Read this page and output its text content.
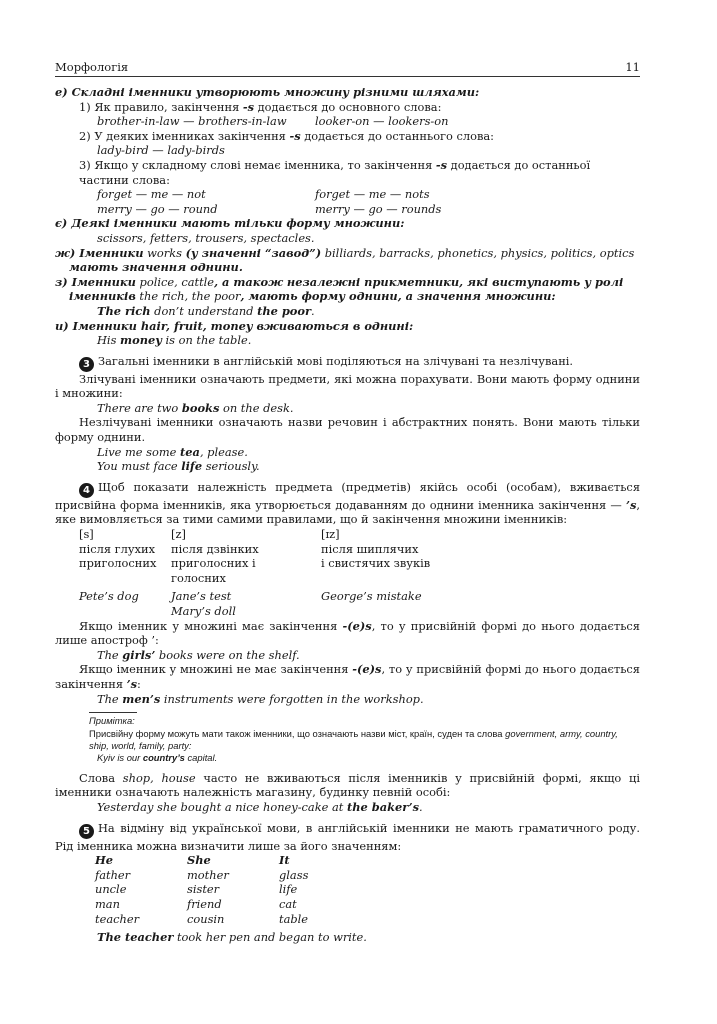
Морфологія	11
е) Складні іменники утворюють множину різними шляхами:
1) Як правило, закінчення -s додається до основного слова:
brother-in-law — brothers-in-law	looker-on — lookers-on
2) У деяких іменниках закінчення -s додається до останнього слова:
lady-bird — lady-birds
3) Якщо у складному слові немає іменника, то закінчення -s додається до останньої частини слова:
forget — me — not	forget — me — nots
merry — go — round	merry — go — rounds
є) Деякі іменники мають тільки форму множини:
scissors, fetters, trousers, spectacles.
ж) Іменники works (у значенні “завод”) billiards, barracks, phonetics, physics, politics, optics мають значення однини.
з) Іменники police, cattle, а також незалежні прикметники, які виступають у ролі іменників the rich, the poor, мають форму однини, а значення множини:
The rich don’t understand the poor.
и) Іменники hair, fruit, money вживаються в однині:
His money is on the table.
3 Загальні іменники в англійській мові поділяються на злічувані та незлічувані.
Злічувані іменники означають предмети, які можна порахувати. Вони мають форму однини і множини:
There are two books on the desk.
Незлічувані іменники означають назви речовин і абстрактних понять. Вони мають тільки форму однини.
Live me some tea, please.
You must face life seriously.
4 Щоб показати належність предмета (предметів) якійсь особі (особам), вживається присвійна форма іменників, яка утворюється додаванням до однини іменника закінчення — ’s, яке вимовляється за тими самими правилами, що й закінчення множини іменників:
[s]	[z]	[ɪz]
після глухих	після дзвінких	після шиплячих
приголосних	приголосних і голосних	і свистячих звуків
Pete’s dog	Jane’s test	George’s mistake
	Mary’s doll	
Якщо іменник у множині має закінчення -(e)s, то у присвійній формі до нього додається лише апостроф ’:
The girls’ books were on the shelf.
Якщо іменник у множині не має закінчення -(e)s, то у присвійній формі до нього додається закінчення ’s:
The men’s instruments were forgotten in the workshop.
Примітка:
Присвійну форму можуть мати також іменники, що означають назви міст, країн, суден та слова government, army, country, ship, world, family, party:
Kyiv is our country’s capital.
Слова shop, house часто не вживаються після іменників у присвійній формі, якщо ці іменники означають належність магазину, будинку певній особі:
Yesterday she bought a nice honey-cake at the baker’s.
5 На відміну від української мови, в англійській іменники не мають граматичного роду. Рід іменника можна визначити лише за його значенням:
He	She	It
father	mother	glass
uncle	sister	life
man	friend	cat
teacher	cousin	table
The teacher took her pen and began to write.
